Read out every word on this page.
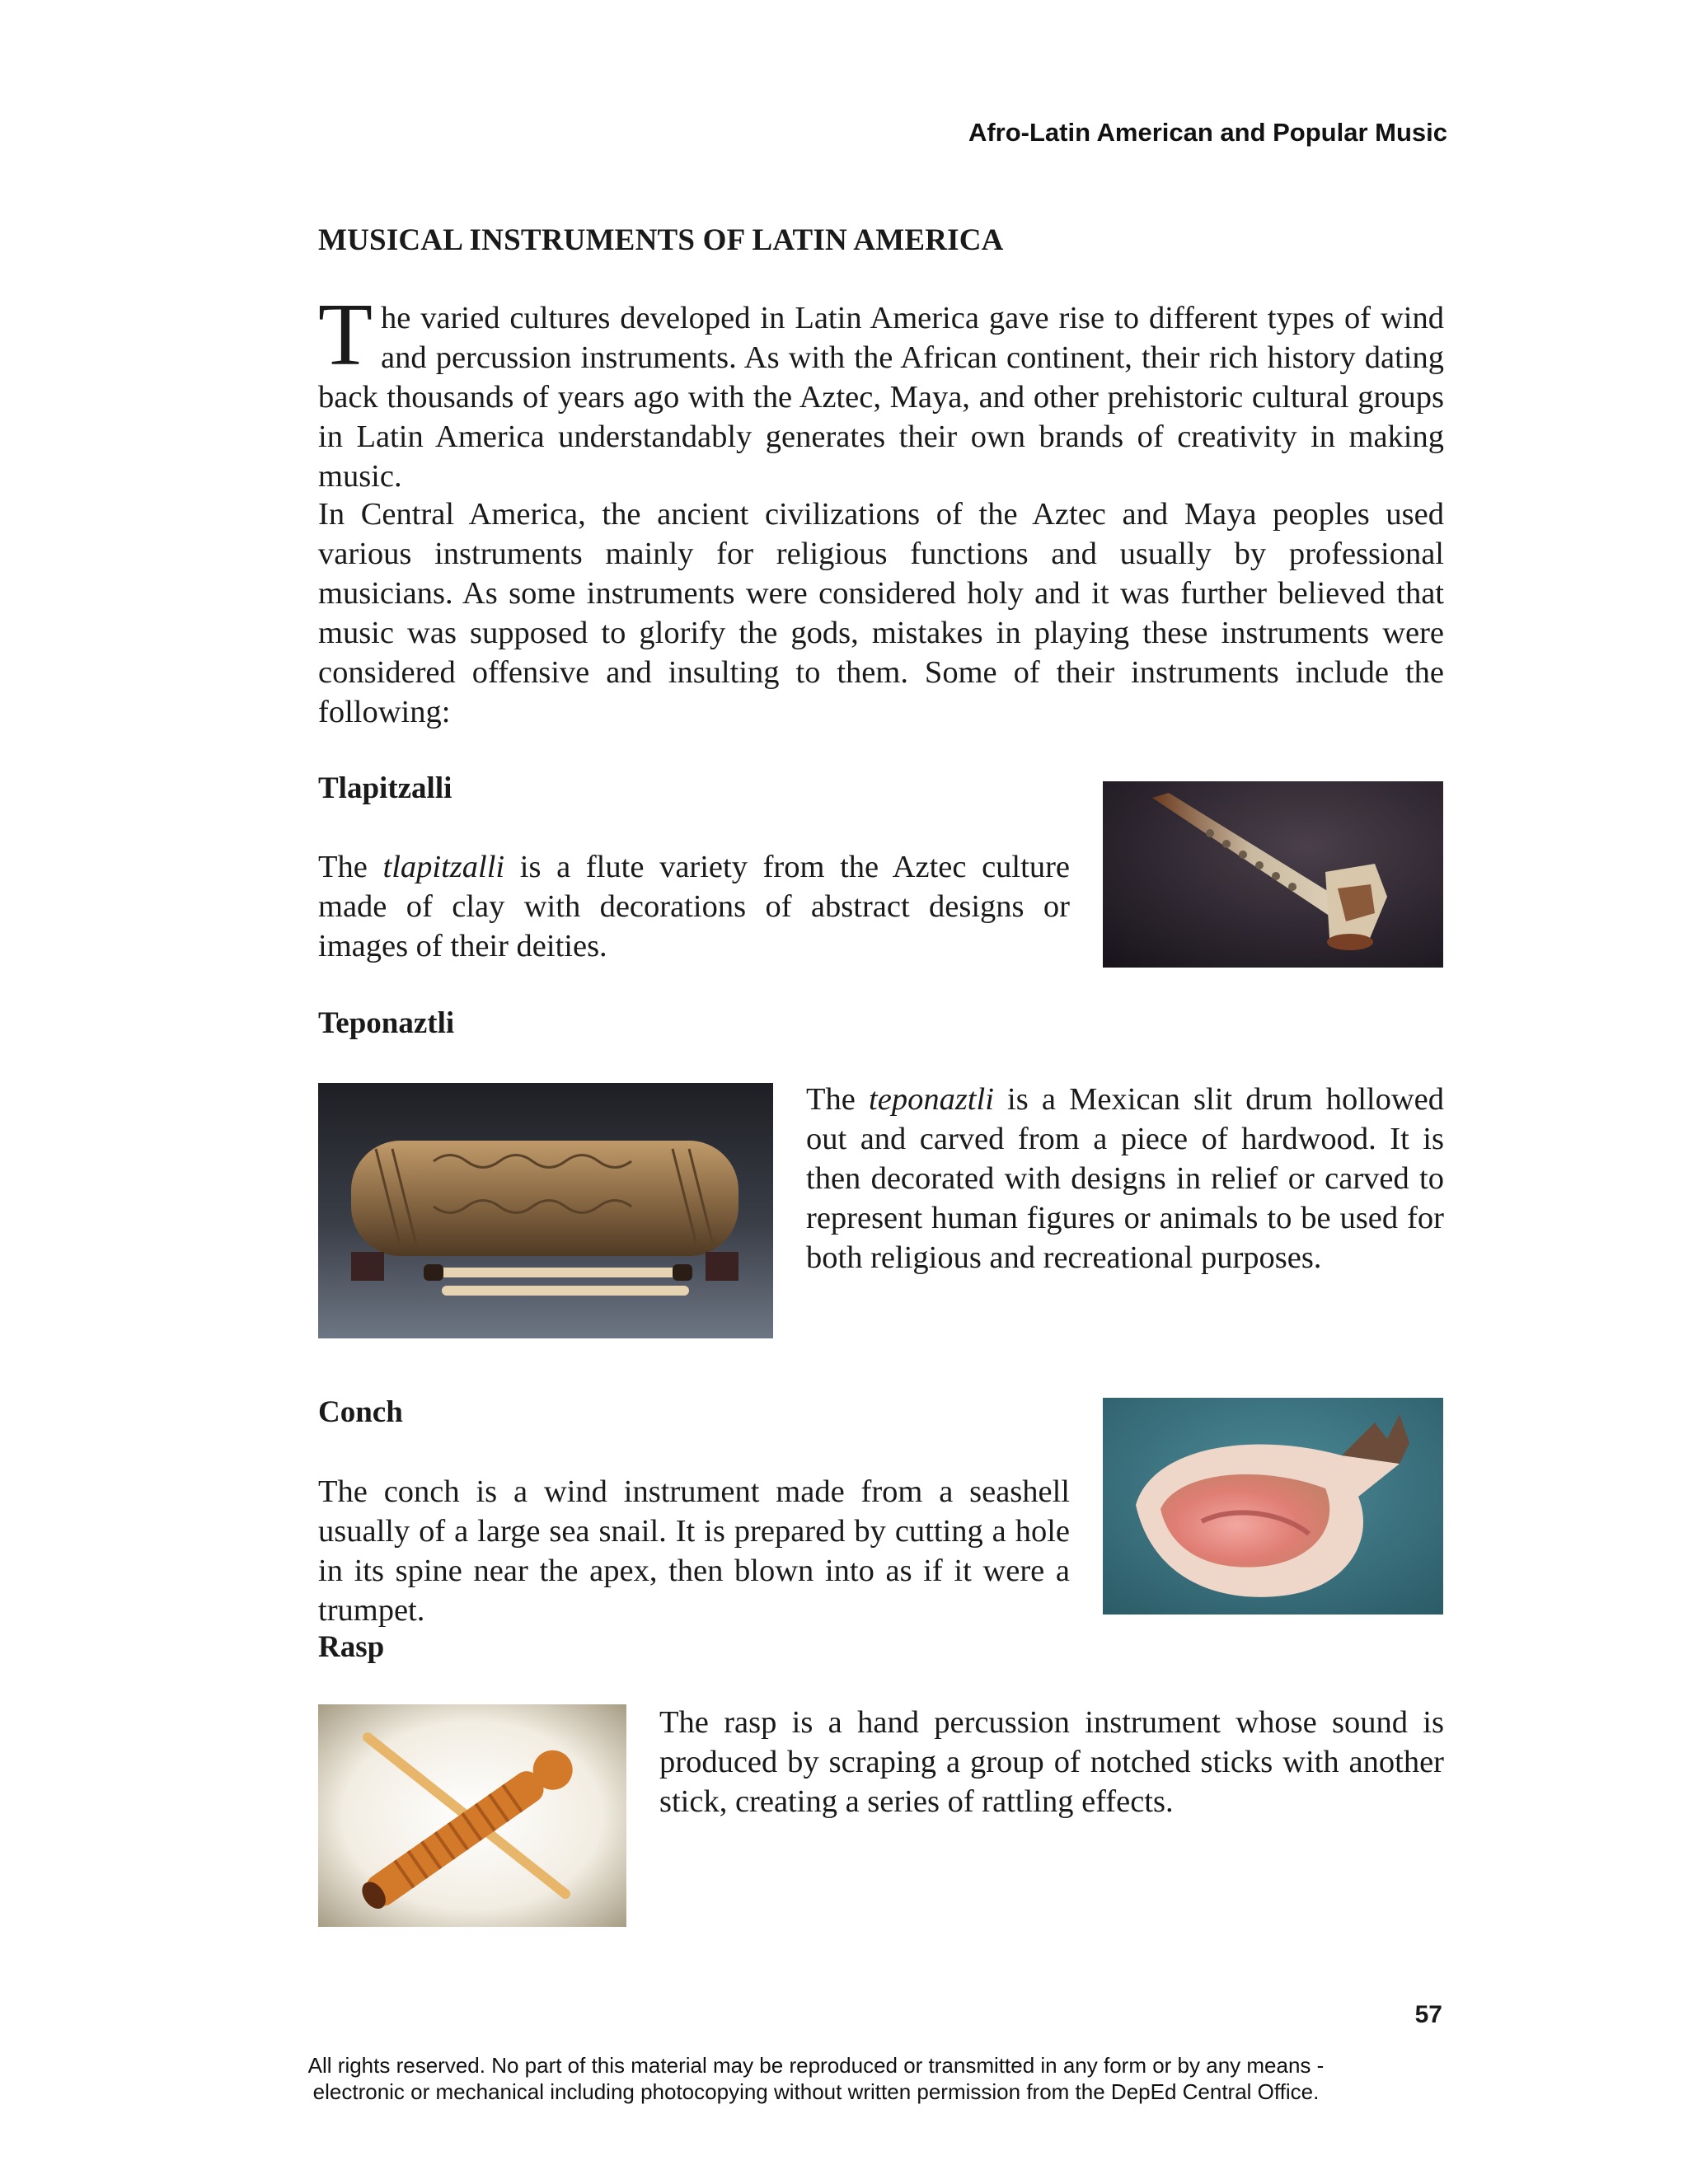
Afro-Latin American and Popular Music
MUSICAL INSTRUMENTS OF LATIN AMERICA

The varied cultures developed in Latin America gave rise to different types of wind and percussion instruments. As with the African continent, their rich history dating back thousands of years ago with the Aztec, Maya, and other prehistoric cultural groups in Latin America understandably generates their own brands of creativity in making music.

In Central America, the ancient civilizations of the Aztec and Maya peoples used various instruments mainly for religious functions and usually by professional musicians. As some instruments were considered holy and it was further believed that music was supposed to glorify the gods, mistakes in playing these instruments were considered offensive and insulting to them. Some of their instruments include the following:

Tlapitzalli

The tlapitzalli is a flute variety from the Aztec culture made of clay with decorations of abstract designs or images of their deities.

Teponaztli

The teponaztli is a Mexican slit drum hollowed out and carved from a piece of hardwood. It is then decorated with designs in relief or carved to represent human figures or animals to be used for both religious and recreational purposes.

Conch

The conch is a wind instrument made from a seashell usually of a large sea snail. It is prepared by cutting a hole in its spine near the apex, then blown into as if it were a trumpet.

Rasp

The rasp is a hand percussion instrument whose sound is produced by scraping a group of notched sticks with another stick, creating a series of rattling effects.

57
All rights reserved. No part of this material may be reproduced or transmitted in any form or by any means -
electronic or mechanical including photocopying without written permission from the DepEd Central Office.
